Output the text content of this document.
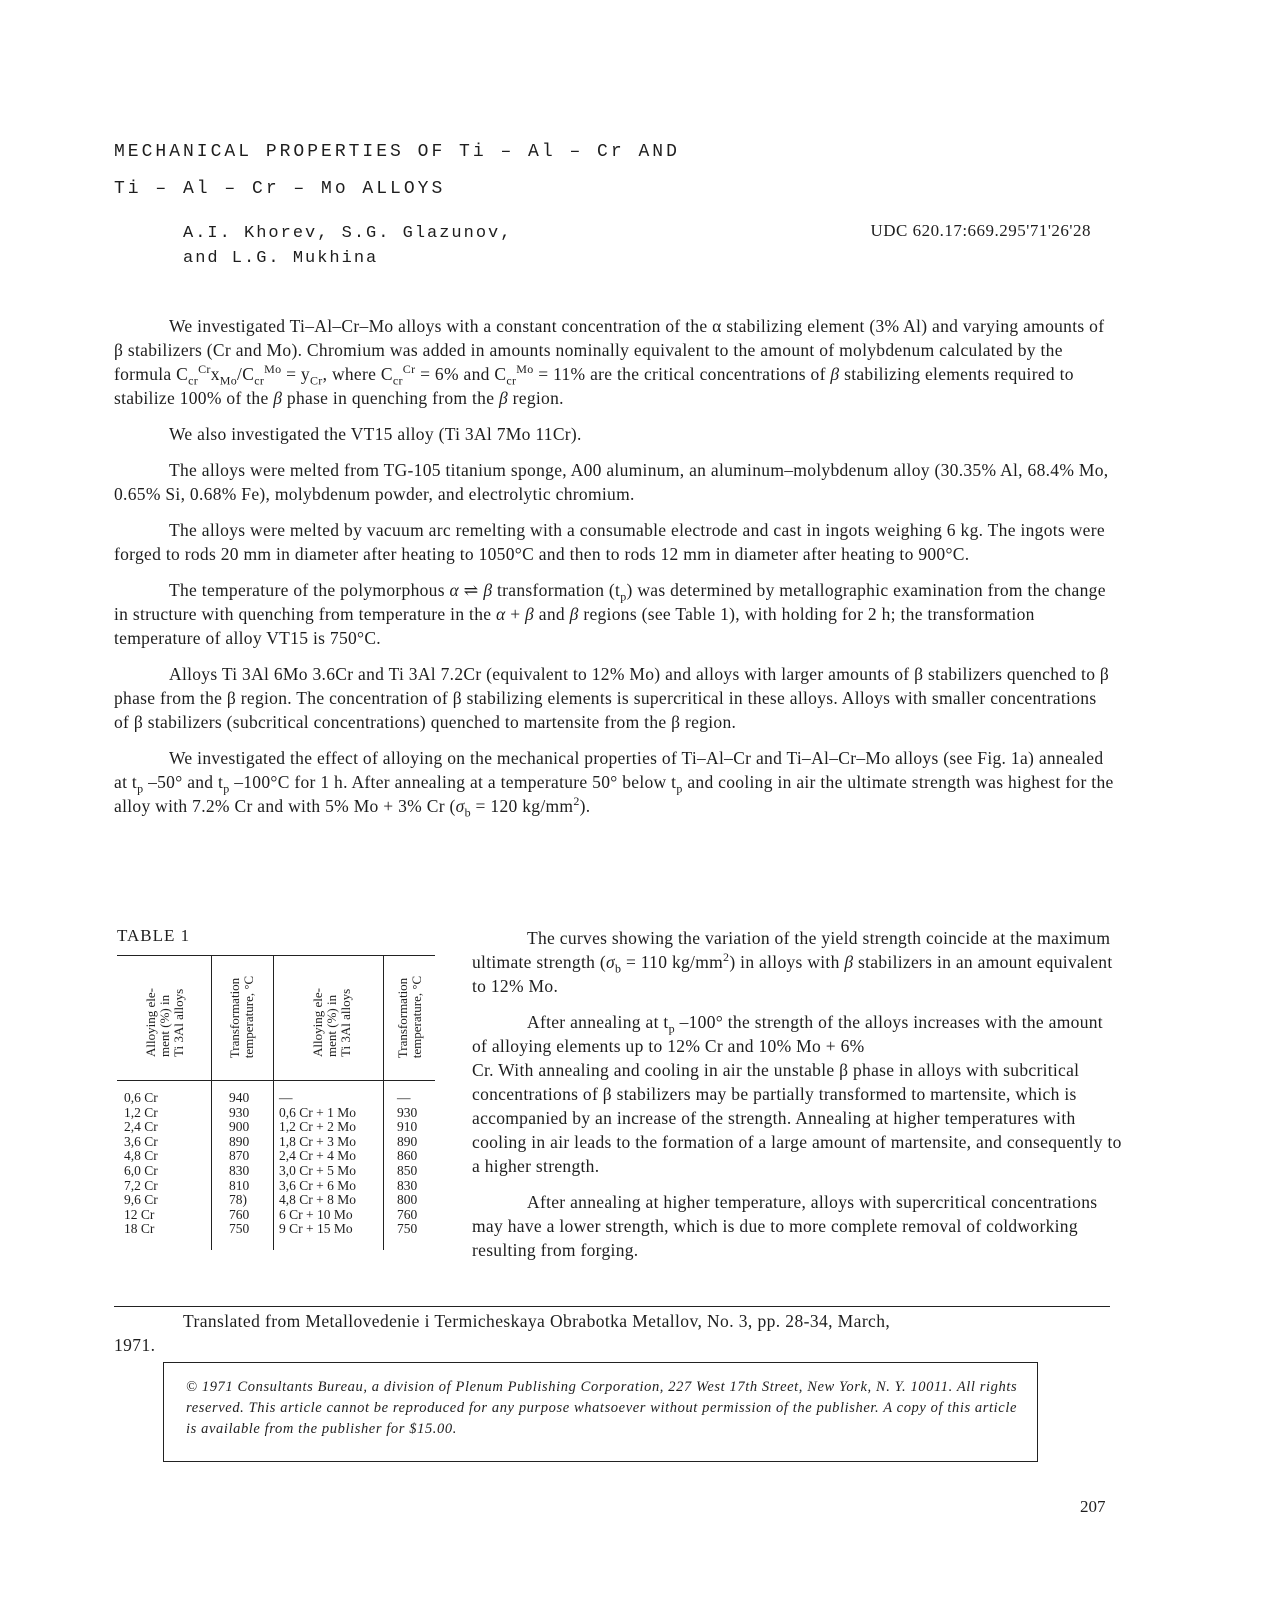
MECHANICAL PROPERTIES OF Ti – Al – Cr AND
Ti – Al – Cr – Mo ALLOYS
A.I. Khorev, S.G. Glazunov,
and L.G. Mukhina
UDC 620.17:669.295'71'26'28

We investigated Ti–Al–Cr–Mo alloys with a constant concentration of the α stabilizing element (3% Al) and varying amounts of β stabilizers (Cr and Mo). Chromium was added in amounts nominally equivalent to the amount of molybdenum calculated by the formula $C_{cr}^{Cr}x_{Mo}/C_{cr}^{Mo} = y_{Cr}$, where $C_{cr}^{Cr} = 6\%$ and $C_{cr}^{Mo} = 11\%$ are the critical concentrations of β stabilizing elements required to stabilize 100% of the β phase in quenching from the β region.

We also investigated the VT15 alloy (Ti 3Al 7Mo 11Cr).

The alloys were melted from TG-105 titanium sponge, A00 aluminum, an aluminum–molybdenum alloy (30.35% Al, 68.4% Mo, 0.65% Si, 0.68% Fe), molybdenum powder, and electrolytic chromium.

The alloys were melted by vacuum arc remelting with a consumable electrode and cast in ingots weighing 6 kg. The ingots were forged to rods 20 mm in diameter after heating to 1050°C and then to rods 12 mm in diameter after heating to 900°C.

The temperature of the polymorphous α ⇌ β transformation $(t_p)$ was determined by metallographic examination from the change in structure with quenching from temperature in the α + β and β regions (see Table 1), with holding for 2 h; the transformation temperature of alloy VT15 is 750°C.

Alloys Ti 3Al 6Mo 3.6Cr and Ti 3Al 7.2Cr (equivalent to 12% Mo) and alloys with larger amounts of β stabilizers quenched to β phase from the β region. The concentration of β stabilizing elements is supercritical in these alloys. Alloys with smaller concentrations of β stabilizers (subcritical concentrations) quenched to martensite from the β region.

We investigated the effect of alloying on the mechanical properties of Ti–Al–Cr and Ti–Al–Cr–Mo alloys (see Fig. 1a) annealed at $t_p$ –50° and $t_p$ –100°C for 1 h. After annealing at a temperature 50° below $t_p$ and cooling in air the ultimate strength was highest for the alloy with 7.2% Cr and with 5% Mo + 3% Cr ($\sigma_b = 120$ $kg/mm^2$).

TABLE 1
Alloying ele-
ment (%) in
Ti 3Al alloys	Transformation
temperature, °C
Alloying ele-
ment (%) in
Ti 3Al alloys	Transformation
temperature, °C
0,6 Cr
1,2 Cr
2,4 Cr
3,6 Cr
4,8 Cr
6,0 Cr
7,2 Cr
9,6 Cr
12 Cr
18 Cr
940
930
900
890
870
830
810
78)
760
750
—
0,6 Cr + 1 Mo
1,2 Cr + 2 Mo
1,8 Cr + 3 Mo
2,4 Cr + 4 Mo
3,0 Cr + 5 Mo
3,6 Cr + 6 Mo
4,8 Cr + 8 Mo
6 Cr + 10 Mo
9 Cr + 15 Mo
—
930
910
890
860
850
830
800
760
750

The curves showing the variation of the yield strength coincide at the maximum ultimate strength ($\sigma_b = 110$ $kg/mm^2$) in alloys with β stabilizers in an amount equivalent to 12% Mo.

After annealing at $t_p$ –100° the strength of the alloys increases with the amount of alloying elements up to 12% Cr and 10% Mo + 6%

Cr. With annealing and cooling in air the unstable β phase in alloys with subcritical concentrations of β stabilizers may be partially transformed to martensite, which is accompanied by an increase of the strength. Annealing at higher temperatures with cooling in air leads to the formation of a large amount of martensite, and consequently to a higher strength.

After annealing at higher temperature, alloys with supercritical concentrations may have a lower strength, which is due to more complete removal of coldworking resulting from forging.

Translated from Metallovedenie i Termicheskaya Obrabotka Metallov, No. 3, pp. 28-34, March,
1971.
© 1971 Consultants Bureau, a division of Plenum Publishing Corporation, 227 West 17th Street, New York, N. Y. 10011. All rights reserved. This article cannot be reproduced for any purpose whatsoever without permission of the publisher. A copy of this article is available from the publisher for $15.00.
207
